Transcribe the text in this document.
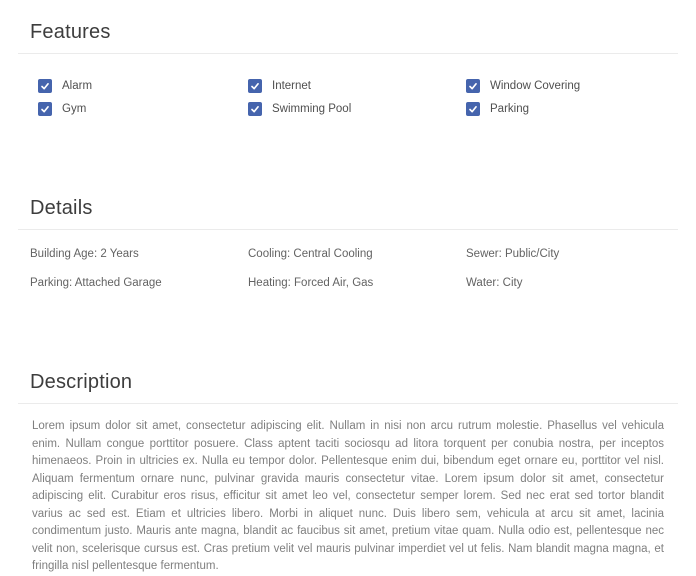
Features
Alarm
Gym
Internet
Swimming Pool
Window Covering
Parking
Details
Building Age: 2 Years
Parking: Attached Garage
Cooling: Central Cooling
Heating: Forced Air, Gas
Sewer: Public/City
Water: City
Description

Lorem ipsum dolor sit amet, consectetur adipiscing elit. Nullam in nisi non arcu rutrum molestie. Phasellus vel vehicula enim. Nullam congue porttitor posuere. Class aptent taciti sociosqu ad litora torquent per conubia nostra, per inceptos himenaeos. Proin in ultricies ex. Nulla eu tempor dolor. Pellentesque enim dui, bibendum eget ornare eu, porttitor vel nisl. Aliquam fermentum ornare nunc, pulvinar gravida mauris consectetur vitae. Lorem ipsum dolor sit amet, consectetur adipiscing elit. Curabitur eros risus, efficitur sit amet leo vel, consectetur semper lorem. Sed nec erat sed tortor blandit varius ac sed est. Etiam et ultricies libero. Morbi in aliquet nunc. Duis libero sem, vehicula at arcu sit amet, lacinia condimentum justo. Mauris ante magna, blandit ac faucibus sit amet, pretium vitae quam. Nulla odio est, pellentesque nec velit non, scelerisque cursus est. Cras pretium velit vel mauris pulvinar imperdiet vel ut felis. Nam blandit magna magna, et fringilla nisl pellentesque fermentum.
